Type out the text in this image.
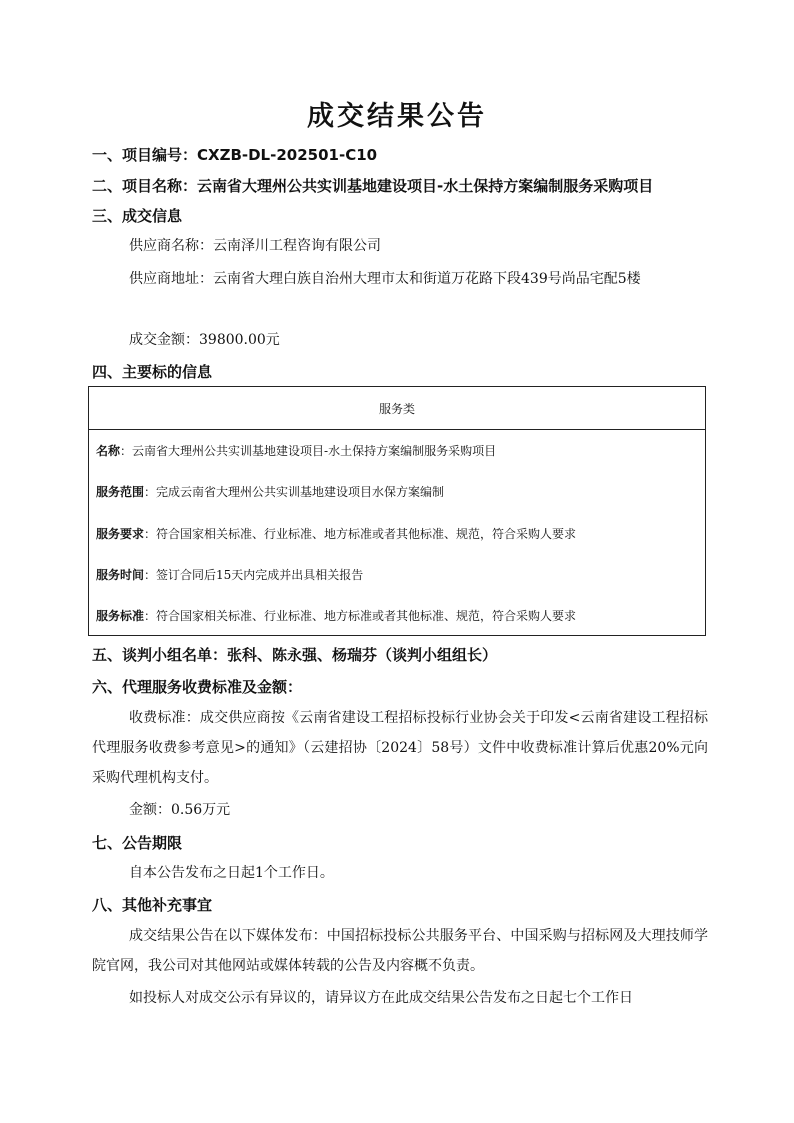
成交结果公告
一、项目编号：CXZB-DL-202501-C10
二、项目名称：云南省大理州公共实训基地建设项目-水土保持方案编制服务采购项目
三、成交信息
供应商名称：云南泽川工程咨询有限公司
供应商地址：云南省大理白族自治州大理市太和街道万花路下段439号尚品宅配5楼
成交金额：39800.00元
四、主要标的信息
服务类
名称：云南省大理州公共实训基地建设项目-水土保持方案编制服务采购项目
服务范围：完成云南省大理州公共实训基地建设项目水保方案编制
服务要求：符合国家相关标准、行业标准、地方标准或者其他标准、规范，符合采购人要求
服务时间：签订合同后15天内完成并出具相关报告
服务标准：符合国家相关标准、行业标准、地方标准或者其他标准、规范，符合采购人要求
五、谈判小组名单：张科、陈永强、杨瑞芬（谈判小组组长）
六、代理服务收费标准及金额：
收费标准：成交供应商按《云南省建设工程招标投标行业协会关于印发<云南省建设工程招标代理服务收费参考意见>的通知》（云建招协〔2024〕58号）文件中收费标准计算后优惠20%元向采购代理机构支付。
金额：0.56万元
七、公告期限
自本公告发布之日起1个工作日。
八、其他补充事宜
成交结果公告在以下媒体发布：中国招标投标公共服务平台、中国采购与招标网及大理技师学院官网，我公司对其他网站或媒体转载的公告及内容概不负责。
如投标人对成交公示有异议的，请异议方在此成交结果公告发布之日起七个工作日
